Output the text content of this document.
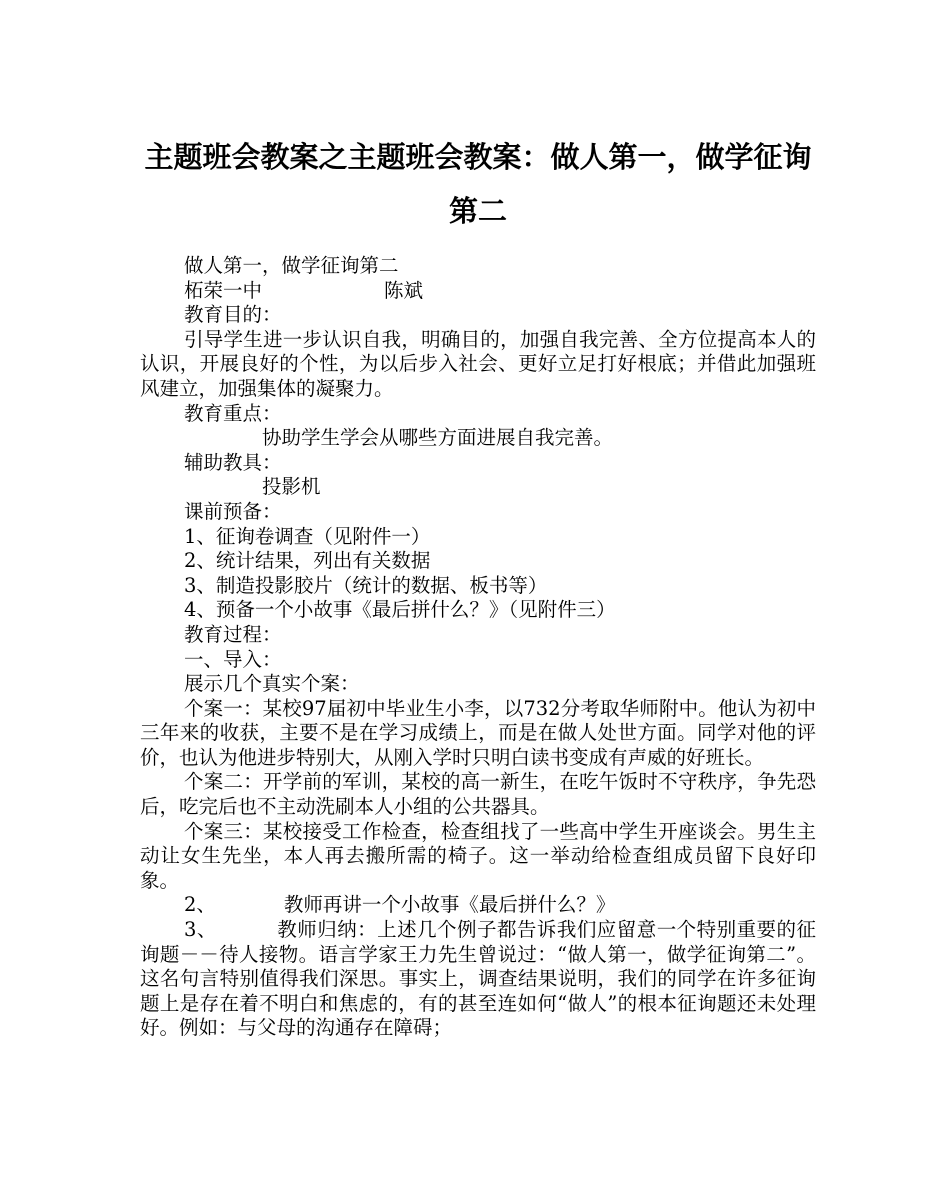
主题班会教案之主题班会教案：做人第一，做学征询第二

做人第一，做学征询第二

柘荣一中	陈斌

教育目的：

引导学生进一步认识自我，明确目的，加强自我完善、全方位提高本人的认识，开展良好的个性，为以后步入社会、更好立足打好根底；并借此加强班风建立，加强集体的凝聚力。

教育重点：

协助学生学会从哪些方面进展自我完善。

辅助教具：

投影机

课前预备：

1、征询卷调查（见附件一）

2、统计结果，列出有关数据

3、制造投影胶片（统计的数据、板书等）

4、预备一个小故事《最后拼什么？》（见附件三）

教育过程：

一、导入：

展示几个真实个案：

个案一：某校97届初中毕业生小李，以732分考取华师附中。他认为初中三年来的收获，主要不是在学习成绩上，而是在做人处世方面。同学对他的评价，也认为他进步特别大，从刚入学时只明白读书变成有声威的好班长。

个案二：开学前的军训，某校的高一新生，在吃午饭时不守秩序，争先恐后，吃完后也不主动洗刷本人小组的公共器具。

个案三：某校接受工作检查，检查组找了一些高中学生开座谈会。男生主动让女生先坐，本人再去搬所需的椅子。这一举动给检查组成员留下良好印象。

2、	教师再讲一个小故事《最后拼什么？》

3、	教师归纳：上述几个例子都告诉我们应留意一个特别重要的征询题－－待人接物。语言学家王力先生曾说过：“做人第一，做学征询第二”。这名句言特别值得我们深思。事实上，调查结果说明，我们的同学在许多征询题上是存在着不明白和焦虑的，有的甚至连如何“做人”的根本征询题还未处理好。例如：与父母的沟通存在障碍；
